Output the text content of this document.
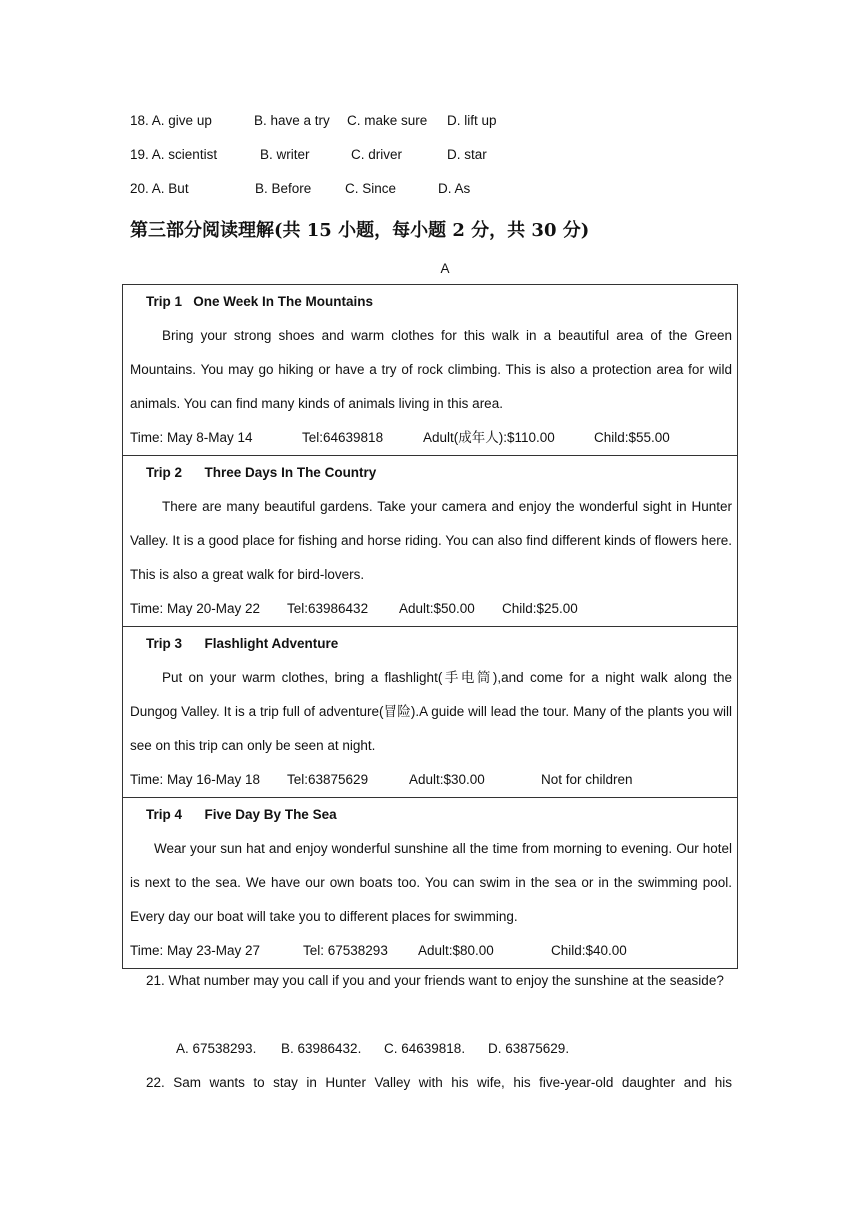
18. A. give up	B. have a try C. make sure D. lift up
19. A. scientist	B. writer	C. driver	D. star
20. A. But	B. Before C. Since	D. As
第三部分阅读理解(共 15 小题，每小题 2 分，共 30 分)
A
Trip 1 One Week In The Mountains
Bring your strong shoes and warm clothes for this walk in a beautiful area of the Green Mountains. You may go hiking or have a try of rock climbing. This is also a protection area for wild animals. You can find many kinds of animals living in this area.
Time: May 8-May 14	Tel:64639818	Adult(成年人):$110.00	Child:$55.00

Trip 2 Three Days In The Country
There are many beautiful gardens. Take your camera and enjoy the wonderful sight in Hunter Valley. It is a good place for fishing and horse riding. You can also find different kinds of flowers here. This is also a great walk for bird-lovers.
Time: May 20-May 22 Tel:63986432 Adult:$50.00 Child:$25.00

Trip 3 Flashlight Adventure
Put on your warm clothes, bring a flashlight(手电筒),and come for a night walk along the Dungog Valley. It is a trip full of adventure(冒险).A guide will lead the tour. Many of the plants you will see on this trip can only be seen at night.
Time: May 16-May 18 Tel:63875629	Adult:$30.00	Not for children

Trip 4 Five Day By The Sea
Wear your sun hat and enjoy wonderful sunshine all the time from morning to evening. Our hotel is next to the sea. We have our own boats too. You can swim in the sea or in the swimming pool. Every day our boat will take you to different places for swimming.
Time: May 23-May 27	Tel: 67538293 Adult:$80.00	Child:$40.00
21. What number may you call if you and your friends want to enjoy the sunshine at the seaside?
A. 67538293. B. 63986432. C. 64639818. D. 63875629.
22. Sam wants to stay in Hunter Valley with his wife, his five-year-old daughter and his
